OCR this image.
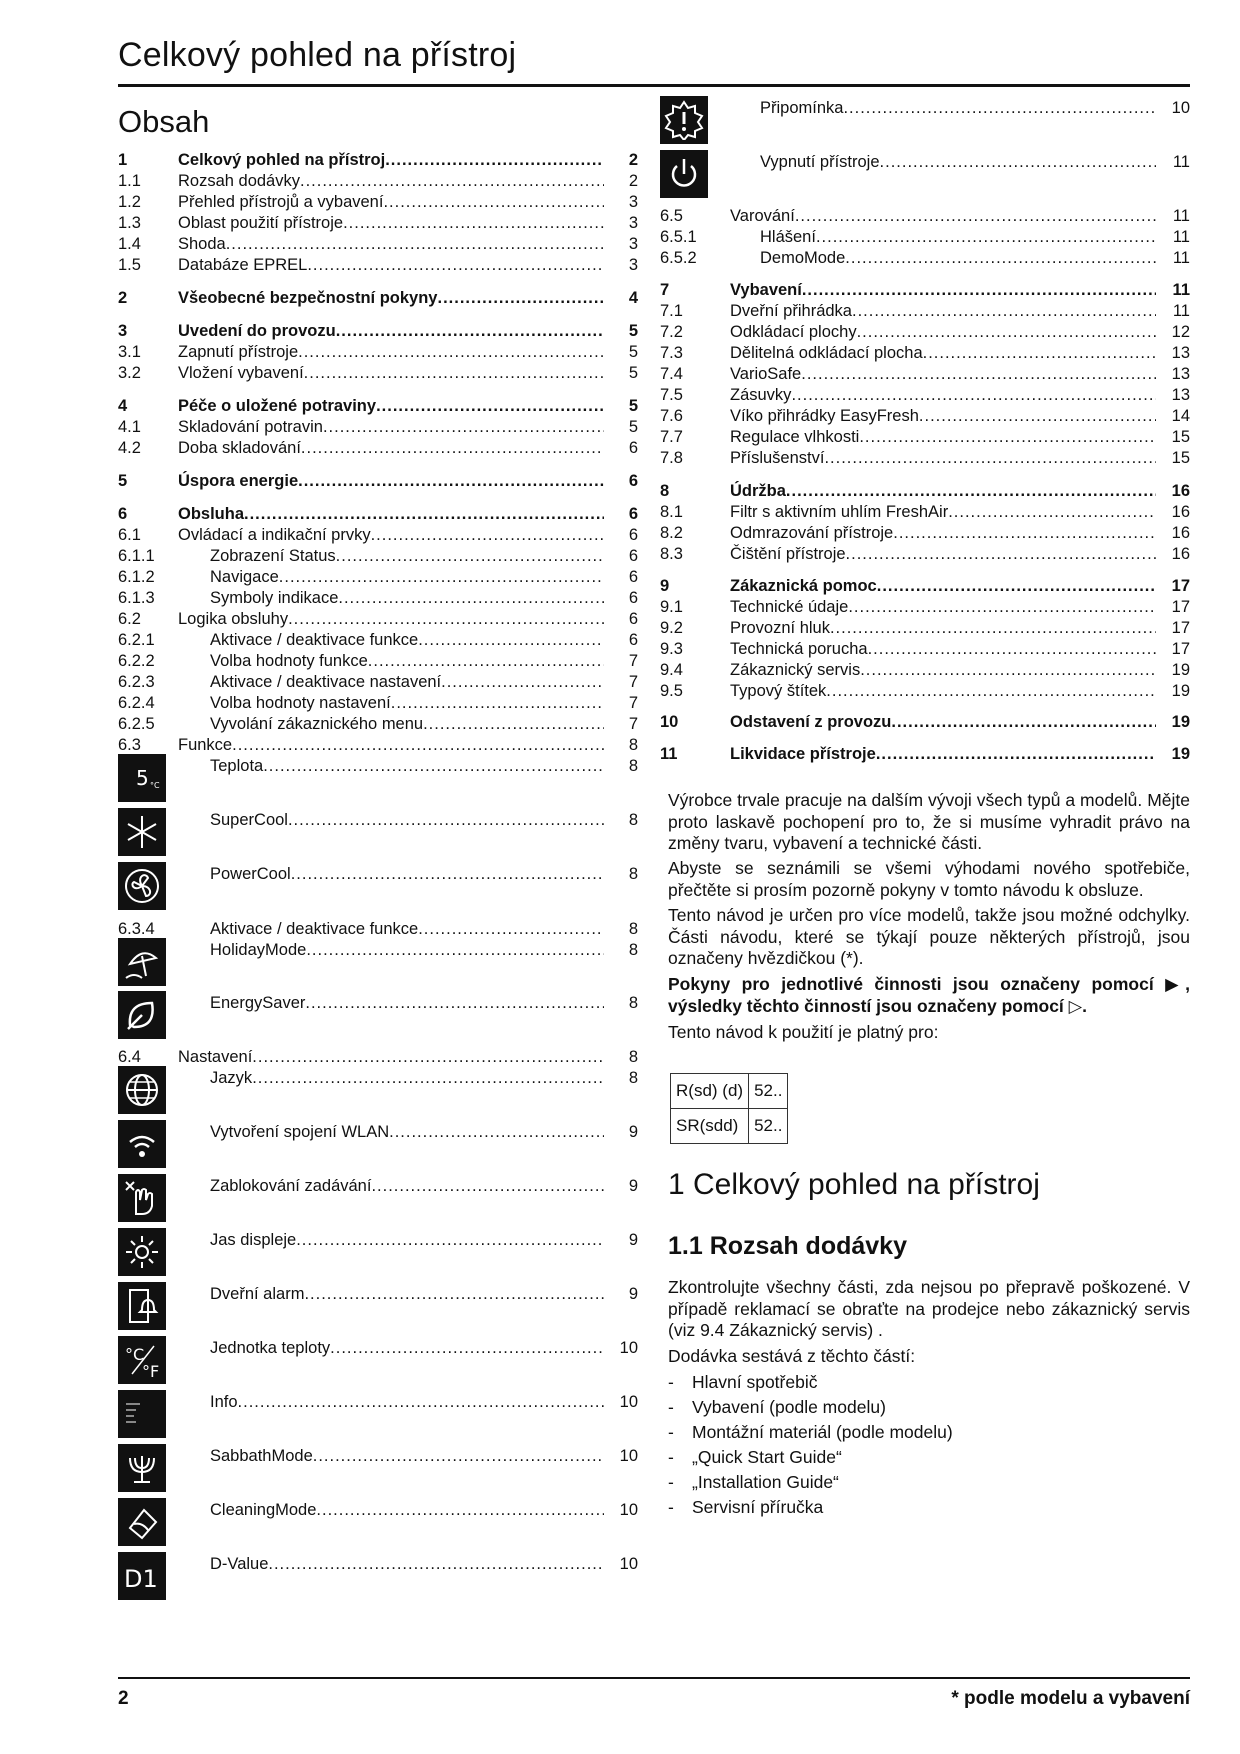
Celkový pohled na přístroj
Obsah
1	Celkový pohled na přístroj .....	2
1.1 Rozsah dodávky .....	2
1.2 Přehled přístrojů a vybavení .....	3
1.3 Oblast použití přístroje .....	3
1.4 Shoda .....	3
1.5 Databáze EPREL .....	3
2	Všeobecné bezpečnostní pokyny .....	4
3	Uvedení do provozu .....	5
3.1 Zapnutí přístroje .....	5
3.2 Vložení vybavení .....	5
4	Péče o uložené potraviny .....	5
4.1 Skladování potravin .....	5
4.2 Doba skladování .....	6
5	Úspora energie .....	6
6	Obsluha .....	6
6.1 Ovládací a indikační prvky .....	6
6.1.1	Zobrazení Status .....	6
6.1.2	Navigace .....	6
6.1.3	Symboly indikace .....	6
6.2 Logika obsluhy .....	6
6.2.1	Aktivace / deaktivace funkce .....	6
6.2.2	Volba hodnoty funkce .....	7
6.2.3	Aktivace / deaktivace nastavení .....	7
6.2.4	Volba hodnoty nastavení .....	7
6.2.5	Vyvolání zákaznického menu .....	7
6.3 Funkce .....	8
Teplota .....	8
5 °C
SuperCool .....	8
PowerCool .....	8
6.3.4	Aktivace / deaktivace funkce .....	8
HolidayMode .....	8
EnergySaver .....	8
6.4 Nastavení .....	8
Jazyk .....	8
Vytvoření spojení WLAN .....	9
Zablokování zadávání .....	9
Jas displeje .....	9
Dveřní alarm .....	9
Jednotka teploty .....	10
°C
°F
Info .....	10
SabbathMode .....	10
CleaningMode .....	10
D-Value .....	10
D1
Připomínka .....	10
Vypnutí přístroje .....	11
6.5	Varování .....	11
6.5.1	Hlášení .....	11
6.5.2	DemoMode .....	11
7	Vybavení .....	11
7.1	Dveřní přihrádka .....	11
7.2	Odkládací plochy .....	12
7.3	Dělitelná odkládací plocha .....	13
7.4	VarioSafe .....	13
7.5	Zásuvky .....	13
7.6	Víko přihrádky EasyFresh .....	14
7.7	Regulace vlhkosti .....	15
7.8	Příslušenství .....	15
8	Údržba .....	16
8.1	Filtr s aktivním uhlím FreshAir .....	16
8.2	Odmrazování přístroje .....	16
8.3	Čištění přístroje .....	16
9	Zákaznická pomoc .....	17
9.1	Technické údaje .....	17
9.2	Provozní hluk .....	17
9.3	Technická porucha .....	17
9.4	Zákaznický servis .....	19
9.5	Typový štítek .....	19
10	Odstavení z provozu .....	19
11	Likvidace přístroje .....	19
Výrobce trvale pracuje na dalším vývoji všech typů a modelů. Mějte proto laskavě pochopení pro to, že si musíme vyhradit právo na změny tvaru, vybavení a technické části.
Abyste se seznámili se všemi výhodami nového spotřebiče, přečtěte si prosím pozorně pokyny v tomto návodu k obsluze.
Tento návod je určen pro více modelů, takže jsou možné odchylky. Části návodu, které se týkají pouze některých přístrojů, jsou označeny hvězdičkou (*).
Pokyny pro jednotlivé činnosti jsou označeny pomocí ▶, výsledky těchto činností jsou označeny pomocí ▷.
Tento návod k použití je platný pro:
R(sd) (d)	52..
SR(sdd)	52..
1 Celkový pohled na přístroj
1.1 Rozsah dodávky
Zkontrolujte všechny části, zda nejsou po přepravě poškozené. V případě reklamací se obraťte na prodejce nebo zákaznický servis (viz 9.4 Zákaznický servis) .
Dodávka sestává z těchto částí:
- Hlavní spotřebič
- Vybavení (podle modelu)
- Montážní materiál (podle modelu)
- „Quick Start Guide“
- „Installation Guide“
- Servisní příručka
2	* podle modelu a vybavení
